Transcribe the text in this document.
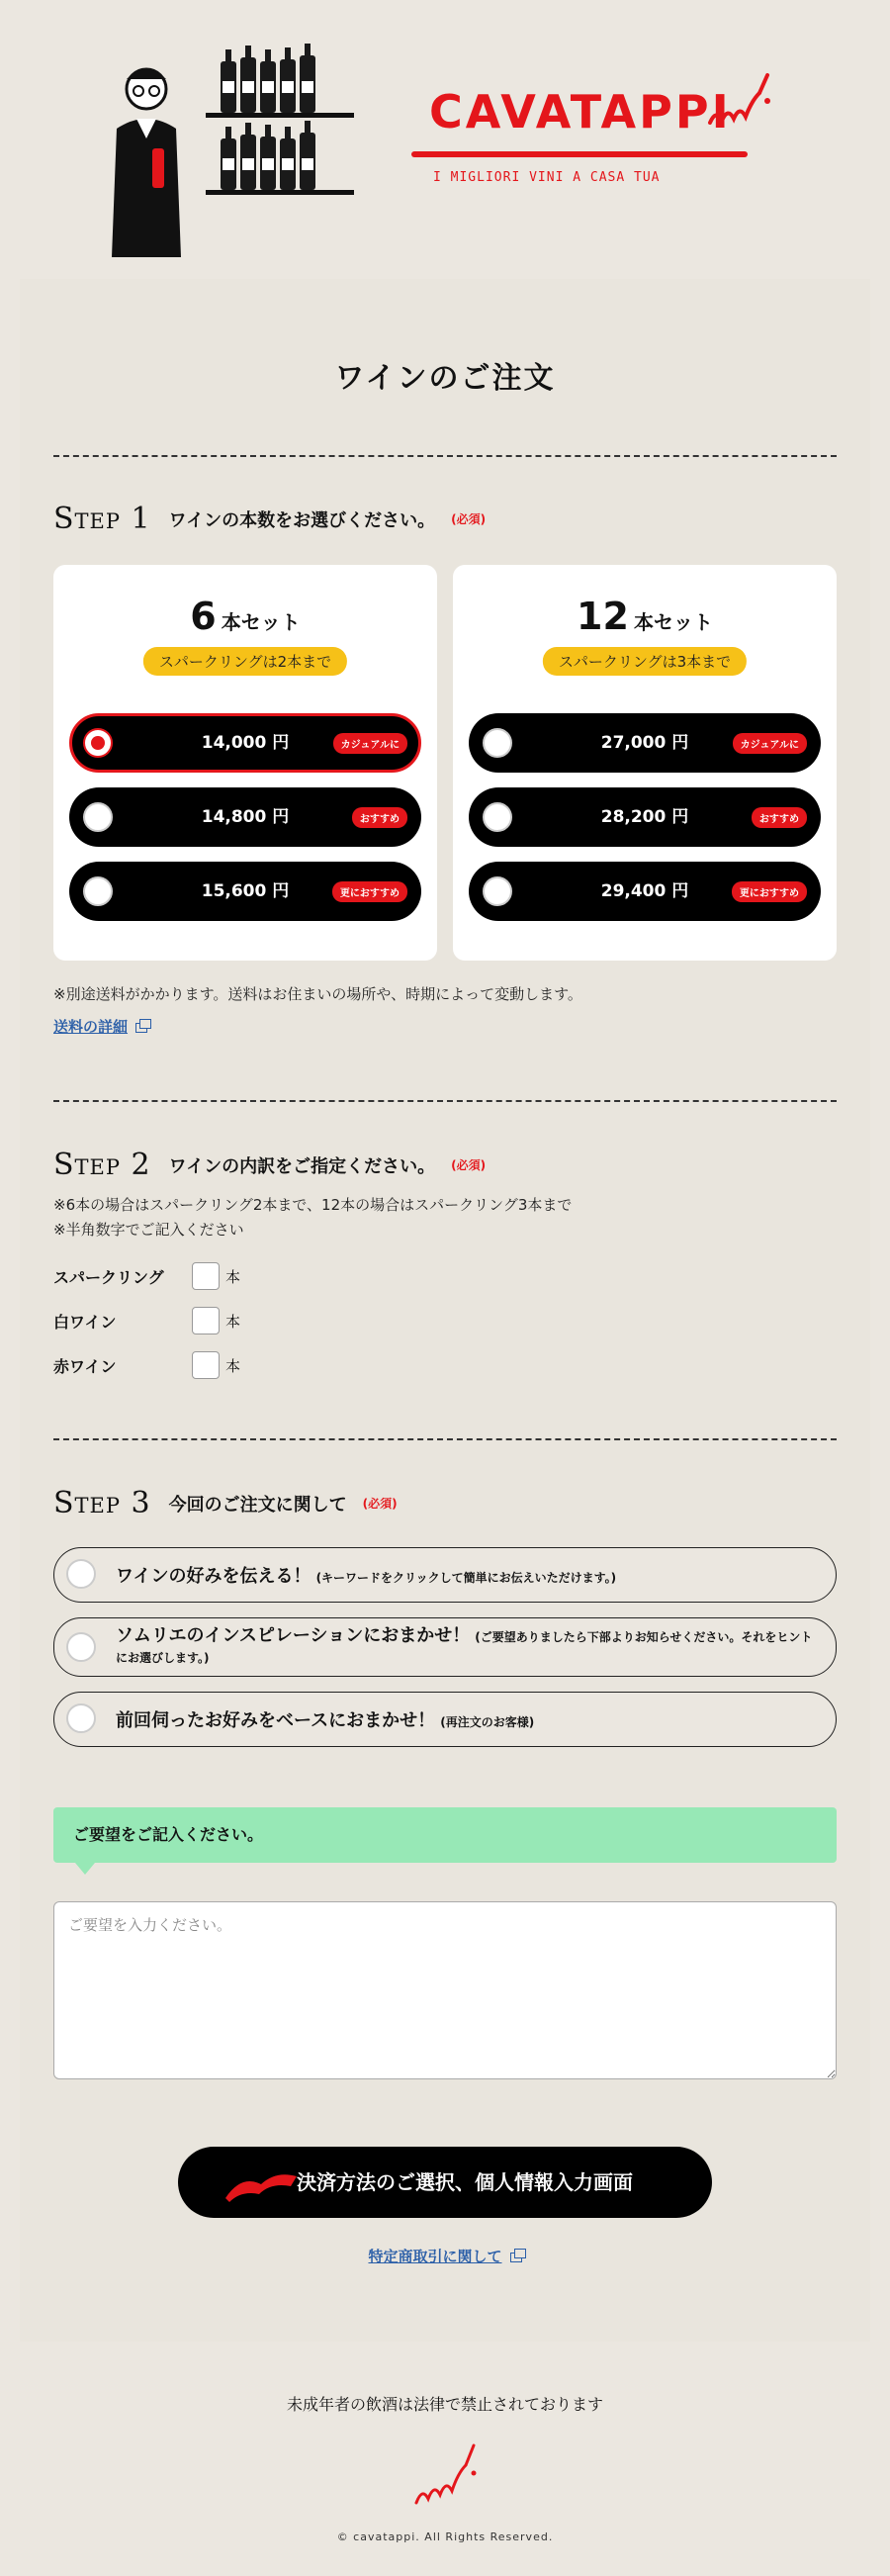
CAVATAPPI
I MIGLIORI VINI A CASA TUA
ワインのご注文
Step 1 ワインの本数をお選びください。 (必須)
6 本セット
スパークリングは2本まで
14,000 円	カジュアルに
14,800 円	おすすめ
15,600 円	更におすすめ
12 本セット
スパークリングは3本まで
27,000 円	カジュアルに
28,200 円	おすすめ
29,400 円	更におすすめ
※別途送料がかかります。送料はお住まいの場所や、時期によって変動します。
送料の詳細
Step 2 ワインの内訳をご指定ください。 (必須)
※6本の場合はスパークリング2本まで、12本の場合はスパークリング3本まで
※半角数字でご記入ください
スパークリング	本
白ワイン	本
赤ワイン	本
Step 3 今回のご注文に関して (必須)
ワインの好みを伝える！ (キーワードをクリックして簡単にお伝えいただけます。)
ソムリエのインスピレーションにおまかせ！ (ご要望ありましたら下部よりお知らせください。それをヒントにお選びします。)
前回伺ったお好みをベースにおまかせ！ (再注文のお客様)
ご要望をご記入ください。
ご要望を入力ください。
決済方法のご選択、個人情報入力画面
特定商取引に関して
未成年者の飲酒は法律で禁止されております
© cavatappi. All Rights Reserved.
